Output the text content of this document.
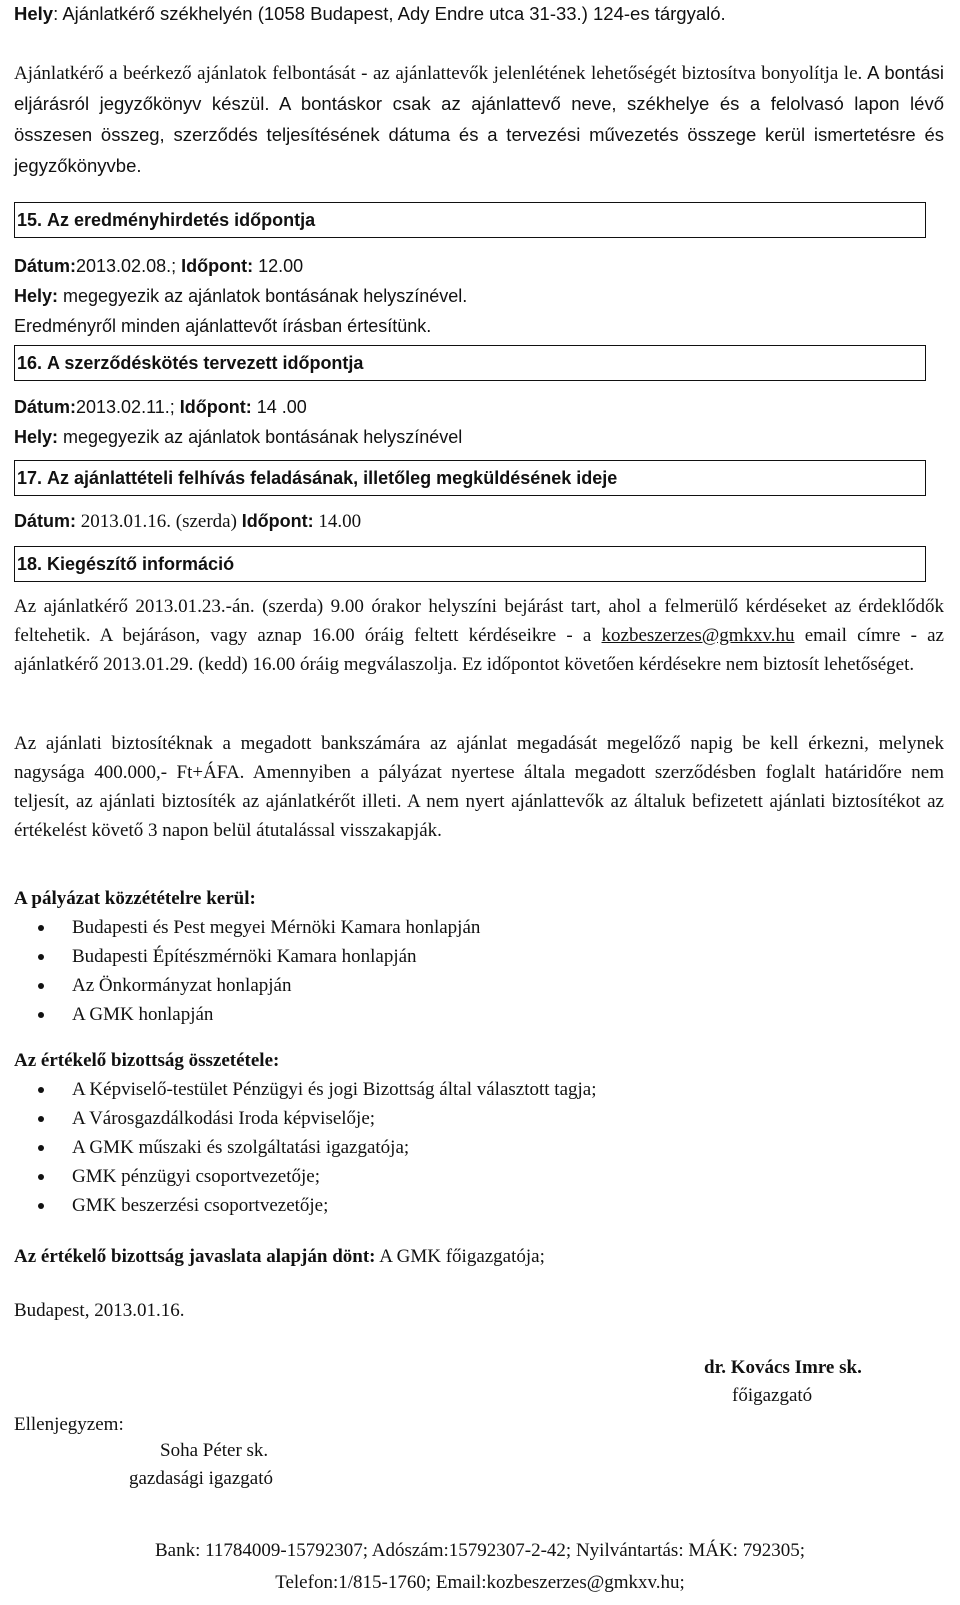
Hely: Ajánlatkérő székhelyén (1058 Budapest, Ady Endre utca 31-33.) 124-es tárgyaló.
Ajánlatkérő a beérkező ajánlatok felbontását - az ajánlattevők jelenlétének lehetőségét biztosítva bonyolítja le. A bontási eljárásról jegyzőkönyv készül. A bontáskor csak az ajánlattevő neve, székhelye és a felolvasó lapon lévő összesen összeg, szerződés teljesítésének dátuma és a tervezési művezetés összege kerül ismertetésre és jegyzőkönyvbe.
15. Az eredményhirdetés időpontja
Dátum:2013.02.08.; Időpont: 12.00
Hely: megegyezik az ajánlatok bontásának helyszínével.
Eredményről minden ajánlattevőt írásban értesítünk.
16. A szerződéskötés tervezett időpontja
Dátum:2013.02.11.; Időpont: 14 .00
Hely: megegyezik az ajánlatok bontásának helyszínével
17. Az ajánlattételi felhívás feladásának, illetőleg megküldésének ideje
Dátum: 2013.01.16. (szerda) Időpont: 14.00
18. Kiegészítő információ
Az ajánlatkérő 2013.01.23.-án. (szerda) 9.00 órakor helyszíni bejárást tart, ahol a felmerülő kérdéseket az érdeklődők feltehetik. A bejáráson, vagy aznap 16.00 óráig feltett kérdéseikre - a kozbeszerzes@gmkxv.hu email címre - az ajánlatkérő 2013.01.29. (kedd) 16.00 óráig megválaszolja. Ez időpontot követően kérdésekre nem biztosít lehetőséget.
Az ajánlati biztosítéknak a megadott bankszámára az ajánlat megadását megelőző napig be kell érkezni, melynek nagysága 400.000,- Ft+ÁFA. Amennyiben a pályázat nyertese általa megadott szerződésben foglalt határidőre nem teljesít, az ajánlati biztosíték az ajánlatkérőt illeti. A nem nyert ajánlattevők az általuk befizetett ajánlati biztosítékot az értékelést követő 3 napon belül átutalással visszakapják.
A pályázat közzétételre kerül:
Budapesti és Pest megyei Mérnöki Kamara honlapján
Budapesti Építészmérnöki Kamara honlapján
Az Önkormányzat honlapján
A GMK honlapján
Az értékelő bizottság összetétele:
A Képviselő-testület Pénzügyi és jogi Bizottság által választott tagja;
A Városgazdálkodási Iroda képviselője;
A GMK műszaki és szolgáltatási igazgatója;
GMK pénzügyi csoportvezetője;
GMK beszerzési csoportvezetője;
Az értékelő bizottság javaslata alapján dönt: A GMK főigazgatója;
Budapest, 2013.01.16.
dr. Kovács Imre sk.
főigazgató
Ellenjegyzem:
Soha Péter sk.
gazdasági igazgató
Bank: 11784009-15792307; Adószám:15792307-2-42; Nyilvántartás: MÁK: 792305;
Telefon:1/815-1760; Email:kozbeszerzes@gmkxv.hu;
